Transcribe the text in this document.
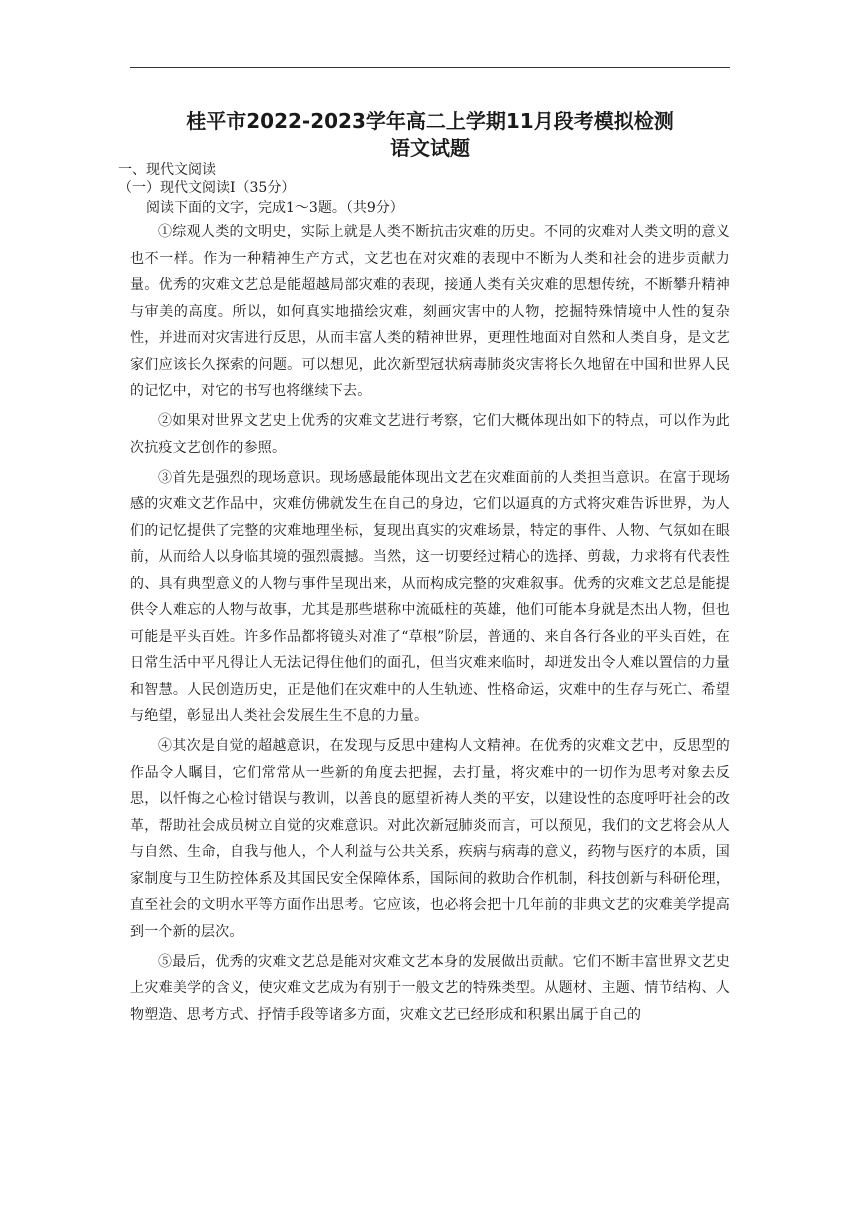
桂平市2022-2023学年高二上学期11月段考模拟检测
语文试题
一、现代文阅读
（一）现代文阅读Ⅰ（35分）
阅读下面的文字，完成1～3题。（共9分）

①综观人类的文明史，实际上就是人类不断抗击灾难的历史。不同的灾难对人类文明的意义也不一样。作为一种精神生产方式，文艺也在对灾难的表现中不断为人类和社会的进步贡献力量。优秀的灾难文艺总是能超越局部灾难的表现，接通人类有关灾难的思想传统，不断攀升精神与审美的高度。所以，如何真实地描绘灾难，刻画灾害中的人物，挖掘特殊情境中人性的复杂性，并进而对灾害进行反思，从而丰富人类的精神世界，更理性地面对自然和人类自身，是文艺家们应该长久探索的问题。可以想见，此次新型冠状病毒肺炎灾害将长久地留在中国和世界人民的记忆中，对它的书写也将继续下去。

②如果对世界文艺史上优秀的灾难文艺进行考察，它们大概体现出如下的特点，可以作为此次抗疫文艺创作的参照。

③首先是强烈的现场意识。现场感最能体现出文艺在灾难面前的人类担当意识。在富于现场感的灾难文艺作品中，灾难仿佛就发生在自己的身边，它们以逼真的方式将灾难告诉世界，为人们的记忆提供了完整的灾难地理坐标，复现出真实的灾难场景，特定的事件、人物、气氛如在眼前，从而给人以身临其境的强烈震撼。当然，这一切要经过精心的选择、剪裁，力求将有代表性的、具有典型意义的人物与事件呈现出来，从而构成完整的灾难叙事。优秀的灾难文艺总是能提供令人难忘的人物与故事，尤其是那些堪称中流砥柱的英雄，他们可能本身就是杰出人物，但也可能是平头百姓。许多作品都将镜头对准了“草根”阶层，普通的、来自各行各业的平头百姓，在日常生活中平凡得让人无法记得住他们的面孔，但当灾难来临时，却迸发出令人难以置信的力量和智慧。人民创造历史，正是他们在灾难中的人生轨迹、性格命运，灾难中的生存与死亡、希望与绝望，彰显出人类社会发展生生不息的力量。

④其次是自觉的超越意识，在发现与反思中建构人文精神。在优秀的灾难文艺中，反思型的作品令人瞩目，它们常常从一些新的角度去把握，去打量，将灾难中的一切作为思考对象去反思，以忏悔之心检讨错误与教训，以善良的愿望祈祷人类的平安，以建设性的态度呼吁社会的改革，帮助社会成员树立自觉的灾难意识。对此次新冠肺炎而言，可以预见，我们的文艺将会从人与自然、生命，自我与他人，个人利益与公共关系，疾病与病毒的意义，药物与医疗的本质，国家制度与卫生防控体系及其国民安全保障体系，国际间的救助合作机制，科技创新与科研伦理，直至社会的文明水平等方面作出思考。它应该，也必将会把十几年前的非典文艺的灾难美学提高到一个新的层次。

⑤最后，优秀的灾难文艺总是能对灾难文艺本身的发展做出贡献。它们不断丰富世界文艺史上灾难美学的含义，使灾难文艺成为有别于一般文艺的特殊类型。从题材、主题、情节结构、人物塑造、思考方式、抒情手段等诸多方面，灾难文艺已经形成和积累出属于自己的
